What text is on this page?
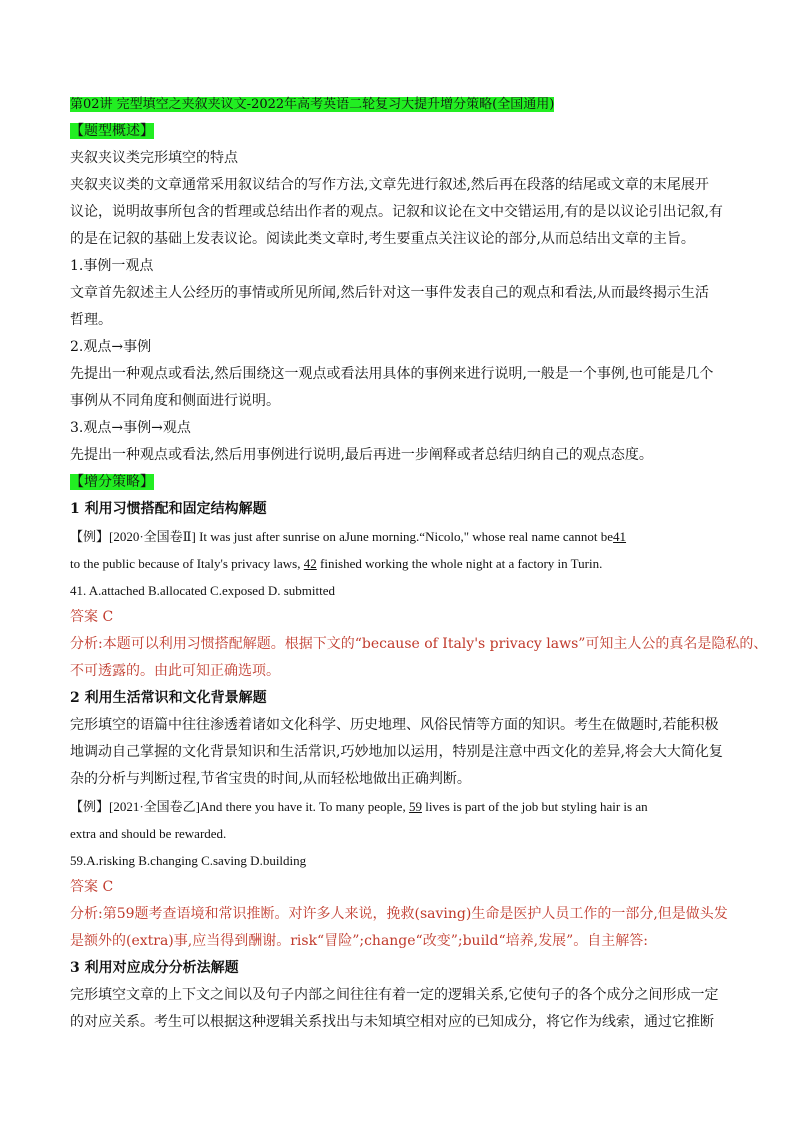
第02讲 完型填空之夹叙夹议文-2022年高考英语二轮复习大提升增分策略(全国通用)
【题型概述】
夹叙夹议类完形填空的特点
夹叙夹议类的文章通常采用叙议结合的写作方法,文章先进行叙述,然后再在段落的结尾或文章的末尾展开
议论，说明故事所包含的哲理或总结出作者的观点。记叙和议论在文中交错运用,有的是以议论引出记叙,有
的是在记叙的基础上发表议论。阅读此类文章时,考生要重点关注议论的部分,从而总结出文章的主旨。
1.事例一观点
文章首先叙述主人公经历的事情或所见所闻,然后针对这一事件发表自己的观点和看法,从而最终揭示生活
哲理。
2.观点→事例
先提出一种观点或看法,然后围绕这一观点或看法用具体的事例来进行说明,一般是一个事例,也可能是几个
事例从不同角度和侧面进行说明。
3.观点→事例→观点
先提出一种观点或看法,然后用事例进行说明,最后再进一步阐释或者总结归纳自己的观点态度。
【增分策略】
1 利用习惯搭配和固定结构解题
【例】[2020·全国卷Ⅱ] It was just after sunrise on aJune morning.“Nicolo," whose real name cannot be41
to the public because of Italy's privacy laws, 42 finished working the whole night at a factory in Turin.
41. A.attached B.allocated C.exposed D. submitted
答案 C
分析:本题可以利用习惯搭配解题。根据下文的“because of Italy's privacy laws”可知主人公的真名是隐私的、
不可透露的。由此可知正确选项。
2 利用生活常识和文化背景解题
完形填空的语篇中往往渗透着诸如文化科学、历史地理、风俗民情等方面的知识。考生在做题时,若能积极
地调动自己掌握的文化背景知识和生活常识,巧妙地加以运用，特别是注意中西文化的差异,将会大大简化复
杂的分析与判断过程,节省宝贵的时间,从而轻松地做出正确判断。
【例】[2021·全国卷乙]And there you have it. To many people, 59 lives is part of the job but styling hair is an
extra and should be rewarded.
59.A.risking B.changing C.saving D.building
答案 C
分析:第59题考查语境和常识推断。对许多人来说，挽救(saving)生命是医护人员工作的一部分,但是做头发
是额外的(extra)事,应当得到酬谢。risk“冒险”;change“改变”;build“培养,发展”。自主解答:
3 利用对应成分分析法解题
完形填空文章的上下文之间以及句子内部之间往往有着一定的逻辑关系,它使句子的各个成分之间形成一定
的对应关系。考生可以根据这种逻辑关系找出与未知填空相对应的已知成分，将它作为线索，通过它推断
